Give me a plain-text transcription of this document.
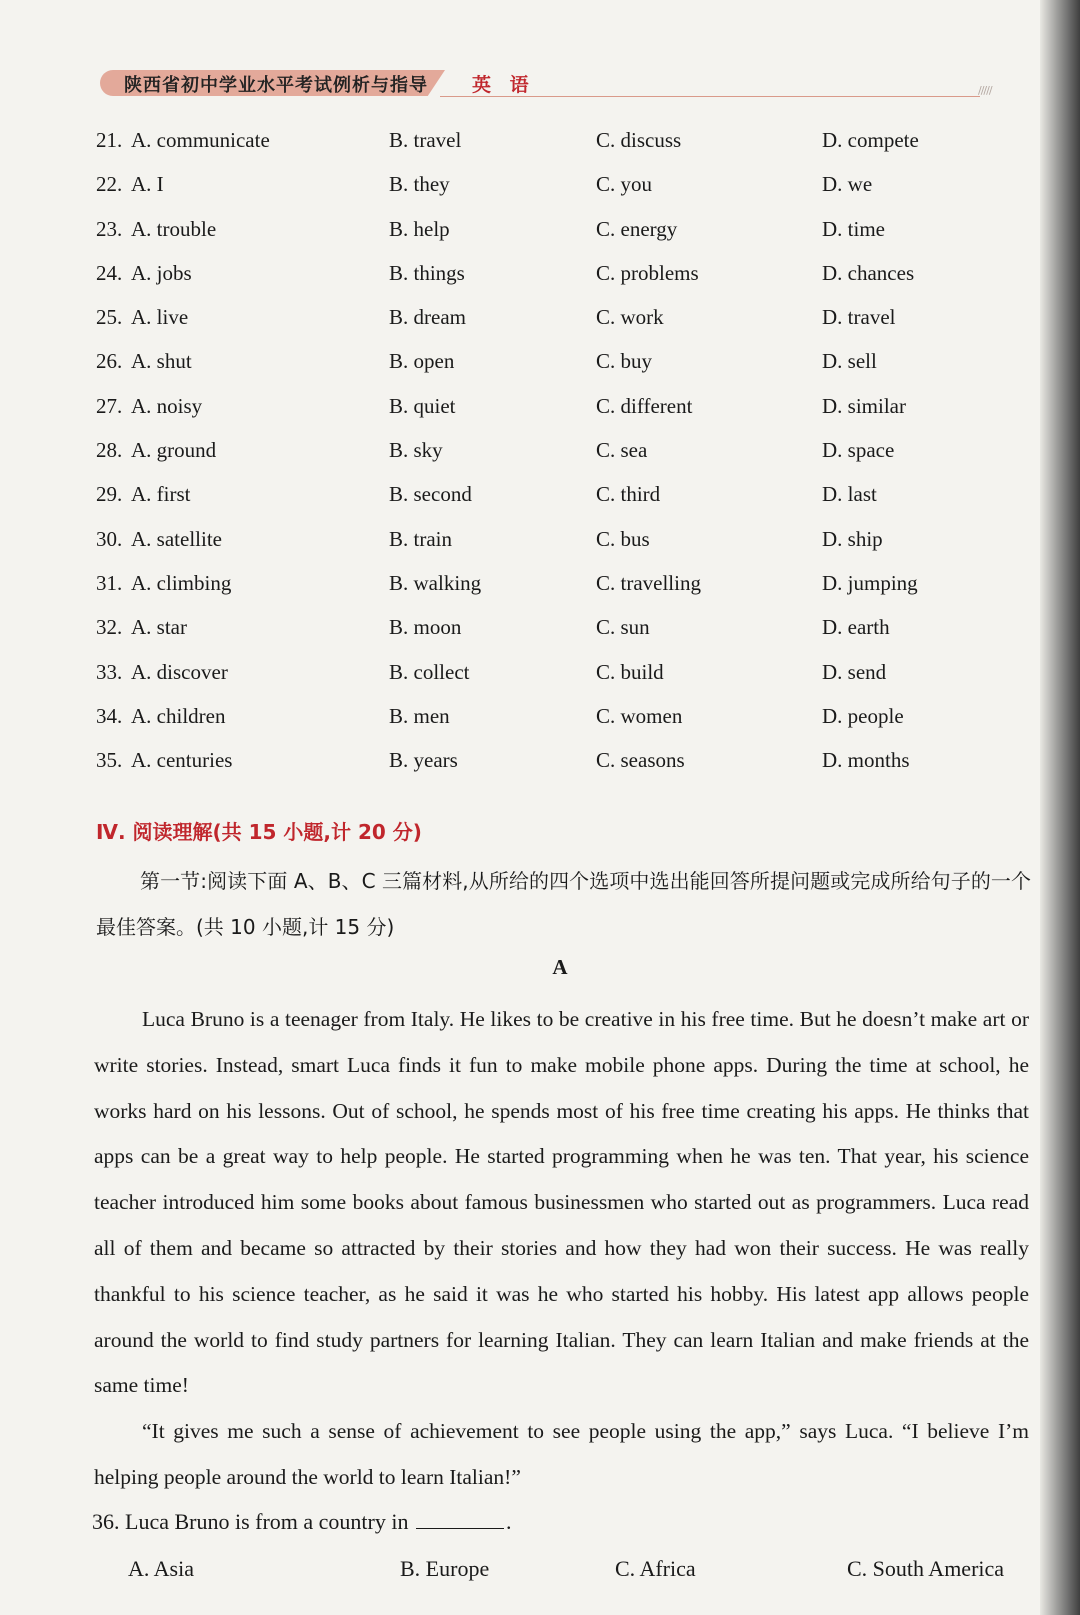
陕西省初中学业水平考试例析与指导 英 语	/////
21. A. communicate	B. travel	C. discuss	D. compete
22. A. I	B. they	C. you	D. we
23. A. trouble	B. help	C. energy	D. time
24. A. jobs	B. things	C. problems	D. chances
25. A. live	B. dream	C. work	D. travel
26. A. shut	B. open	C. buy	D. sell
27. A. noisy	B. quiet	C. different	D. similar
28. A. ground	B. sky	C. sea	D. space
29. A. first	B. second	C. third	D. last
30. A. satellite	B. train	C. bus	D. ship
31. A. climbing	B. walking	C. travelling	D. jumping
32. A. star	B. moon	C. sun	D. earth
33. A. discover	B. collect	C. build	D. send
34. A. children	B. men	C. women	D. people
35. A. centuries	B. years	C. seasons	D. months
Ⅳ. 阅读理解(共 15 小题,计 20 分)
第一节:阅读下面 A、B、C 三篇材料,从所给的四个选项中选出能回答所提问题或完成所给句子的一个最佳答案。(共 10 小题,计 15 分)
A

Luca Bruno is a teenager from Italy. He likes to be creative in his free time. But he doesn’t make art or write stories. Instead, smart Luca finds it fun to make mobile phone apps. During the time at school, he works hard on his lessons. Out of school, he spends most of his free time creating his apps. He thinks that apps can be a great way to help people. He started programming when he was ten. That year, his science teacher introduced him some books about famous businessmen who started out as programmers. Luca read all of them and became so attracted by their stories and how they had won their success. He was really thankful to his science teacher, as he said it was he who started his hobby. His latest app allows people around the world to find study partners for learning Italian. They can learn Italian and make friends at the same time!

“It gives me such a sense of achievement to see people using the app,” says Luca. “I believe I’m helping people around the world to learn Italian!”

36. Luca Bruno is from a country in	.
A. Asia	B. Europe	C. Africa	C. South America
